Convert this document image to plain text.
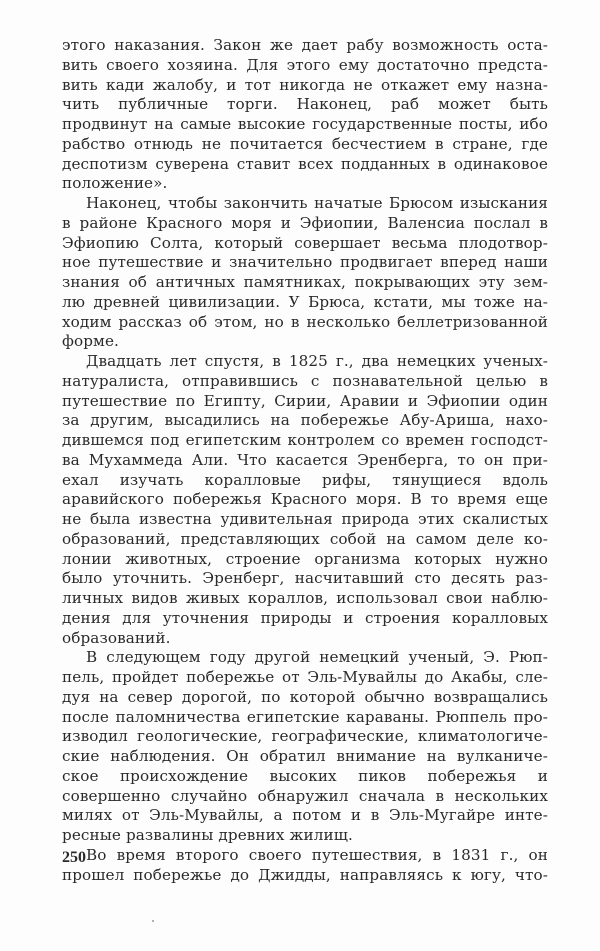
этого наказания. Закон же дает рабу возможность оста-
вить своего хозяина. Для этого ему достаточно предста-
вить кади жалобу, и тот никогда не откажет ему назна-
чить публичные торги. Наконец, раб может быть
продвинут на самые высокие государственные посты, ибо
рабство отнюдь не почитается бесчестием в стране, где
деспотизм суверена ставит всех подданных в одинаковое
положение».
Наконец, чтобы закончить начатые Брюсом изыскания
в районе Красного моря и Эфиопии, Валенсиа послал в
Эфиопию Солта, который совершает весьма плодотвор-
ное путешествие и значительно продвигает вперед наши
знания об античных памятниках, покрывающих эту зем-
лю древней цивилизации. У Брюса, кстати, мы тоже на-
ходим рассказ об этом, но в несколько беллетризованной
форме.
Двадцать лет спустя, в 1825 г., два немецких ученых-
натуралиста, отправившись с познавательной целью в
путешествие по Египту, Сирии, Аравии и Эфиопии один
за другим, высадились на побережье Абу-Ариша, нахо-
дившемся под египетским контролем со времен господст-
ва Мухаммеда Али. Что касается Эренберга, то он при-
ехал изучать коралловые рифы, тянущиеся вдоль
аравийского побережья Красного моря. В то время еще
не была известна удивительная природа этих скалистых
образований, представляющих собой на самом деле ко-
лонии животных, строение организма которых нужно
было уточнить. Эренберг, насчитавший сто десять раз-
личных видов живых кораллов, использовал свои наблю-
дения для уточнения природы и строения коралловых
образований.
В следующем году другой немецкий ученый, Э. Рюп-
пель, пройдет побережье от Эль-Мувайлы до Акабы, сле-
дуя на север дорогой, по которой обычно возвращались
после паломничества египетские караваны. Рюппель про-
изводил геологические, географические, климатологиче-
ские наблюдения. Он обратил внимание на вулканиче-
ское происхождение высоких пиков побережья и
совершенно случайно обнаружил сначала в нескольких
милях от Эль-Мувайлы, а потом и в Эль-Мугайре инте-
ресные развалины древних жилищ.
Во время второго своего путешествия, в 1831 г., он
прошел побережье до Джидды, направляясь к югу, что-
250
